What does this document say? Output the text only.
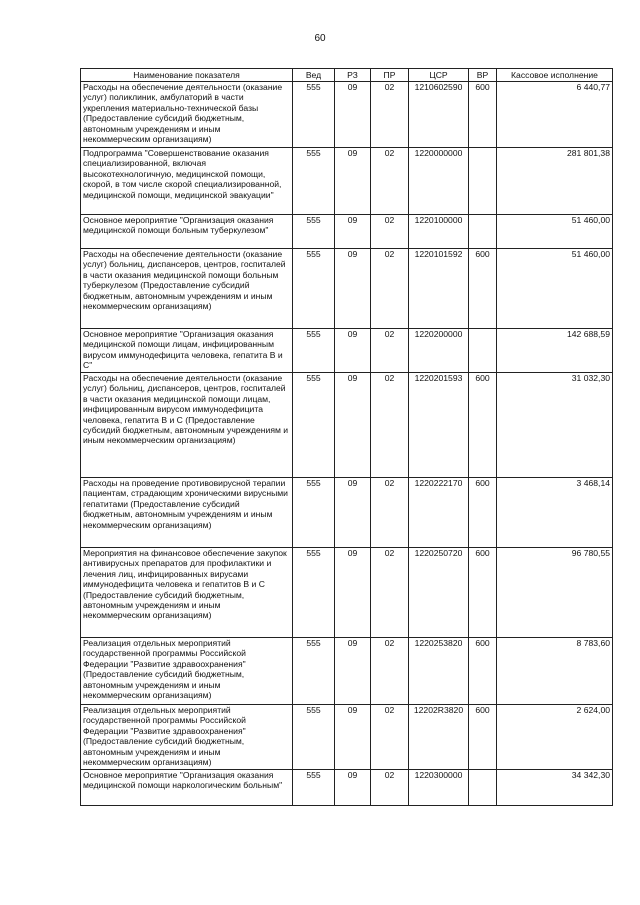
60
Наименование показателя	Вед	РЗ	ПР	ЦСР	ВР	Кассовое исполнение
Расходы на обеспечение деятельности (оказание услуг) поликлиник, амбулаторий в части укрепления материально-технической базы (Предоставление субсидий бюджетным, автономным учреждениям и иным некоммерческим организациям)	555	09	02	1210602590	600	6 440,77
Подпрограмма "Совершенствование оказания специализированной, включая высокотехнологичную, медицинской помощи, скорой, в том числе скорой специализированной, медицинской помощи, медицинской эвакуации"	555	09	02	1220000000		281 801,38
Основное мероприятие "Организация оказания медицинской помощи больным туберкулезом"	555	09	02	1220100000		51 460,00
Расходы на обеспечение деятельности (оказание услуг) больниц, диспансеров, центров, госпиталей в части оказания медицинской помощи больным туберкулезом (Предоставление субсидий бюджетным, автономным учреждениям и иным некоммерческим организациям)	555	09	02	1220101592	600	51 460,00
Основное мероприятие "Организация оказания медицинской помощи лицам, инфицированным вирусом иммунодефицита человека, гепатита В и С"	555	09	02	1220200000		142 688,59
Расходы на обеспечение деятельности (оказание услуг) больниц, диспансеров, центров, госпиталей в части оказания медицинской помощи лицам, инфицированным вирусом иммунодефицита человека, гепатита В и С (Предоставление субсидий бюджетным, автономным учреждениям и иным некоммерческим организациям)	555	09	02	1220201593	600	31 032,30
Расходы на проведение противовирусной терапии пациентам, страдающим хроническими вирусными гепатитами (Предоставление субсидий бюджетным, автономным учреждениям и иным некоммерческим организациям)	555	09	02	1220222170	600	3 468,14
Мероприятия на финансовое обеспечение закупок антивирусных препаратов для профилактики и лечения лиц, инфицированных вирусами иммунодефицита человека и гепатитов В и С (Предоставление субсидий бюджетным, автономным учреждениям и иным некоммерческим организациям)	555	09	02	1220250720	600	96 780,55
Реализация отдельных мероприятий государственной программы Российской Федерации "Развитие здравоохранения" (Предоставление субсидий бюджетным, автономным учреждениям и иным некоммерческим организациям)	555	09	02	1220253820	600	8 783,60
Реализация отдельных мероприятий государственной программы Российской Федерации "Развитие здравоохранения" (Предоставление субсидий бюджетным, автономным учреждениям и иным некоммерческим организациям)	555	09	02	12202R3820	600	2 624,00
Основное мероприятие "Организация оказания медицинской помощи наркологическим больным"	555	09	02	1220300000		34 342,30
